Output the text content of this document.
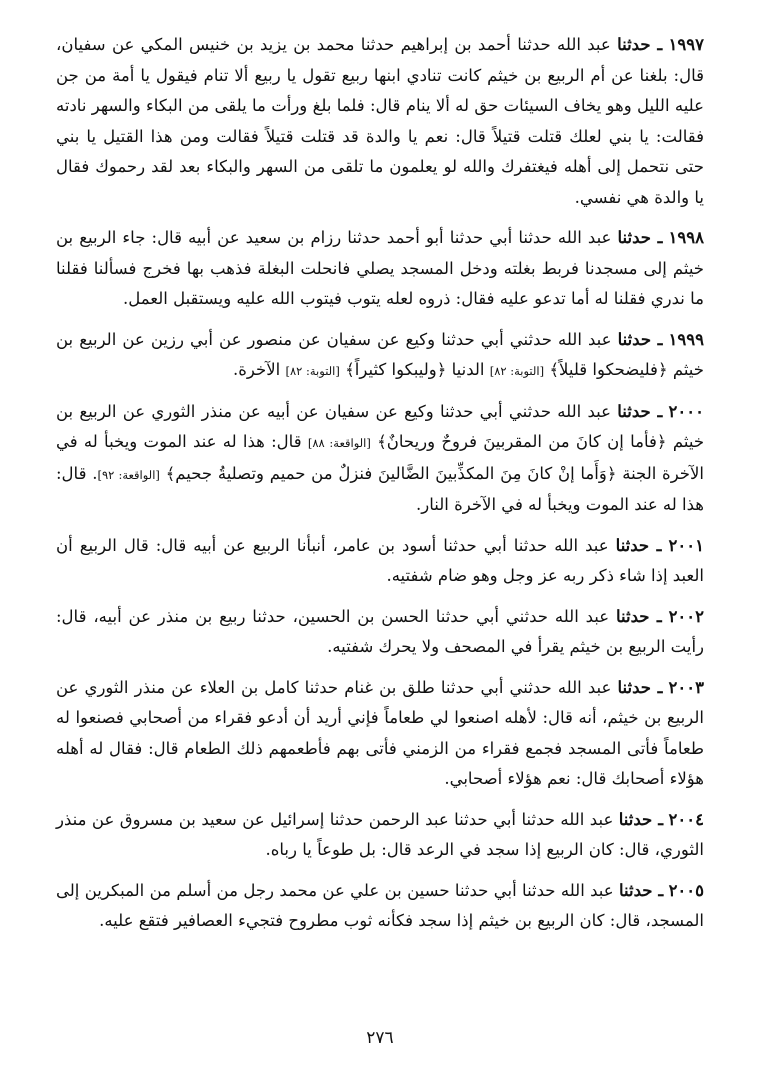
١٩٩٧ ـ حدثنا عبد الله حدثنا أحمد بن إبراهيم حدثنا محمد بن يزيد بن خنيس المكي عن سفيان، قال: بلغنا عن أم الربيع بن خيثم كانت تنادي ابنها ربيع تقول يا ربيع ألا تنام فيقول يا أمة من جن عليه الليل وهو يخاف السيئات حق له ألا ينام قال: فلما بلغ ورأت ما يلقى من البكاء والسهر نادته فقالت: يا بني لعلك قتلت قتيلاً قال: نعم يا والدة قد قتلت قتيلاً فقالت ومن هذا القتيل يا بني حتى نتحمل إلى أهله فيغتفرك والله لو يعلمون ما تلقى من السهر والبكاء بعد لقد رحموك فقال يا والدة هي نفسي.

١٩٩٨ ـ حدثنا عبد الله حدثنا أبي حدثنا أبو أحمد حدثنا رزام بن سعيد عن أبيه قال: جاء الربيع بن خيثم إلى مسجدنا فربط بغلته ودخل المسجد يصلي فانحلت البغلة فذهب بها فخرج فسألنا فقلنا ما ندري فقلنا له أما تدعو عليه فقال: ذروه لعله يتوب فيتوب الله عليه ويستقبل العمل.

١٩٩٩ ـ حدثنا عبد الله حدثني أبي حدثنا وكيع عن سفيان عن منصور عن أبي رزين عن الربيع بن خيثم ﴿فليضحكوا قليلاً﴾ [التوبة: ٨٢] الدنيا ﴿وليبكوا كثيراً﴾ [التوبة: ٨٢] الآخرة.

٢٠٠٠ ـ حدثنا عبد الله حدثني أبي حدثنا وكيع عن سفيان عن أبيه عن منذر الثوري عن الربيع بن خيثم ﴿فأما إن كانَ من المقربينَ فروحٌ وريحانٌ﴾ [الواقعة: ٨٨] قال: هذا له عند الموت ويخبأ له في الآخرة الجنة ﴿وَأَما إنْ كانَ مِنَ المكذِّبينَ الضَّالينَ فنزلٌ من حميم وتصليةُ جحيم﴾ [الواقعة: ٩٢]. قال: هذا له عند الموت ويخبأ له في الآخرة النار.

٢٠٠١ ـ حدثنا عبد الله حدثنا أبي حدثنا أسود بن عامر، أنبأنا الربيع عن أبيه قال: قال الربيع أن العبد إذا شاء ذكر ربه عز وجل وهو ضام شفتيه.

٢٠٠٢ ـ حدثنا عبد الله حدثني أبي حدثنا الحسن بن الحسين، حدثنا ربيع بن منذر عن أبيه، قال: رأيت الربيع بن خيثم يقرأ في المصحف ولا يحرك شفتيه.

٢٠٠٣ ـ حدثنا عبد الله حدثني أبي حدثنا طلق بن غنام حدثنا كامل بن العلاء عن منذر الثوري عن الربيع بن خيثم، أنه قال: لأهله اصنعوا لي طعاماً فإني أريد أن أدعو فقراء من أصحابي فصنعوا له طعاماً فأتى المسجد فجمع فقراء من الزمني فأتى بهم فأطعمهم ذلك الطعام قال: فقال له أهله هؤلاء أصحابك قال: نعم هؤلاء أصحابي.

٢٠٠٤ ـ حدثنا عبد الله حدثنا أبي حدثنا عبد الرحمن حدثنا إسرائيل عن سعيد بن مسروق عن منذر الثوري، قال: كان الربيع إذا سجد في الرعد قال: بل طوعاً يا رباه.

٢٠٠٥ ـ حدثنا عبد الله حدثنا أبي حدثنا حسين بن علي عن محمد رجل من أسلم من المبكرين إلى المسجد، قال: كان الربيع بن خيثم إذا سجد فكأنه ثوب مطروح فتجيء العصافير فتقع عليه.

٢٧٦
